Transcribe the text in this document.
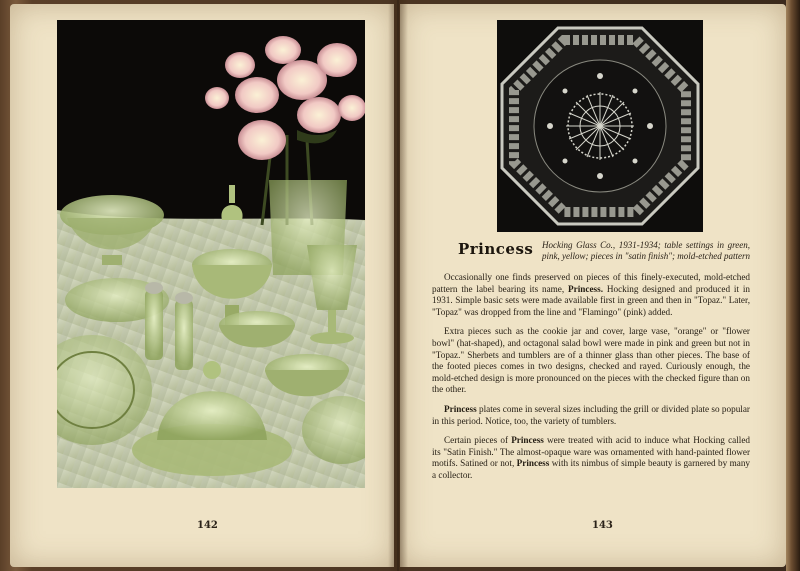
142	143
Princess Hocking Glass Co., 1931-1934; table settings in green, pink, yellow; pieces in "satin finish"; mold-etched pattern

Occasionally one finds preserved on pieces of this finely-executed, mold-etched pattern the label bearing its name, Princess. Hocking designed and produced it in 1931. Simple basic sets were made available first in green and then in "Topaz." Later, "Topaz" was dropped from the line and "Flamingo" (pink) added.

Extra pieces such as the cookie jar and cover, large vase, "orange" or "flower bowl" (hat-shaped), and octagonal salad bowl were made in pink and green but not in "Topaz." Sherbets and tumblers are of a thinner glass than other pieces. The base of the footed pieces comes in two designs, checked and rayed. Curiously enough, the mold-etched design is more pronounced on the pieces with the checked figure than on the other.

Princess plates come in several sizes including the grill or divided plate so popular in this period. Notice, too, the variety of tumblers.

Certain pieces of Princess were treated with acid to induce what Hocking called its "Satin Finish." The almost-opaque ware was ornamented with hand-painted flower motifs. Satined or not, Princess with its nimbus of simple beauty is garnered by many a collector.
